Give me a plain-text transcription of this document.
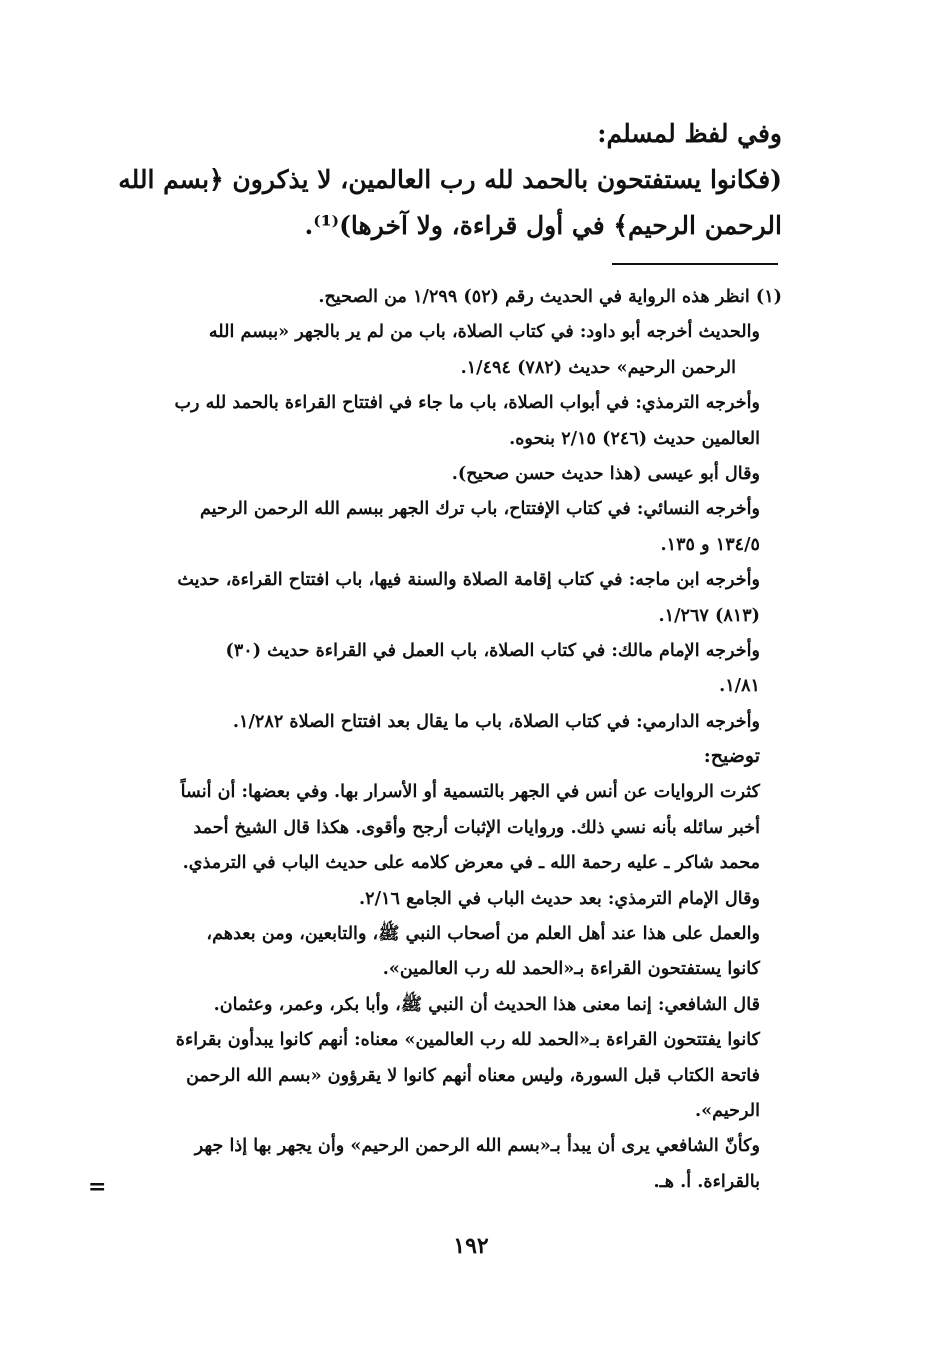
وفي لفظ لمسلم:
(فكانوا يستفتحون بالحمد لله رب العالمين، لا يذكرون ﴿بسم الله
الرحمن الرحيم﴾ في أول قراءة، ولا آخرها)⁽¹⁾.
(١) انظر هذه الرواية في الحديث رقم (٥٢) ١/٢٩٩ من الصحيح.
والحديث أخرجه أبو داود: في كتاب الصلاة، باب من لم ير بالجهر «ببسم الله
الرحمن الرحيم» حديث (٧٨٢) ١/٤٩٤.
وأخرجه الترمذي: في أبواب الصلاة، باب ما جاء في افتتاح القراءة بالحمد لله رب
العالمين حديث (٢٤٦) ٢/١٥ بنحوه.
وقال أبو عيسى (هذا حديث حسن صحيح).
وأخرجه النسائي: في كتاب الإفتتاح، باب ترك الجهر ببسم الله الرحمن الرحيم
١٣٤/٥ و ١٣٥.
وأخرجه ابن ماجه: في كتاب إقامة الصلاة والسنة فيها، باب افتتاح القراءة، حديث
(٨١٣) ١/٢٦٧.
وأخرجه الإمام مالك: في كتاب الصلاة، باب العمل في القراءة حديث (٣٠)
١/٨١.
وأخرجه الدارمي: في كتاب الصلاة، باب ما يقال بعد افتتاح الصلاة ١/٢٨٢.
توضيح:
كثرت الروايات عن أنس في الجهر بالتسمية أو الأسرار بها. وفي بعضها: أن أنساً
أخبر سائله بأنه نسي ذلك. وروايات الإثبات أرجح وأقوى. هكذا قال الشيخ أحمد
محمد شاكر ـ عليه رحمة الله ـ في معرض كلامه على حديث الباب في الترمذي.
وقال الإمام الترمذي: بعد حديث الباب في الجامع ٢/١٦.
والعمل على هذا عند أهل العلم من أصحاب النبي ﷺ، والتابعين، ومن بعدهم،
كانوا يستفتحون القراءة بـ«الحمد لله رب العالمين».
قال الشافعي: إنما معنى هذا الحديث أن النبي ﷺ، وأبا بكر، وعمر، وعثمان.
كانوا يفتتحون القراءة بـ«الحمد لله رب العالمين» معناه: أنهم كانوا يبدأون بقراءة
فاتحة الكتاب قبل السورة، وليس معناه أنهم كانوا لا يقرؤون «بسم الله الرحمن
الرحيم».
وكأنّ الشافعي يرى أن يبدأ بـ«بسم الله الرحمن الرحيم» وأن يجهر بها إذا جهر
بالقراءة. أ. هـ.
=
١٩٢
